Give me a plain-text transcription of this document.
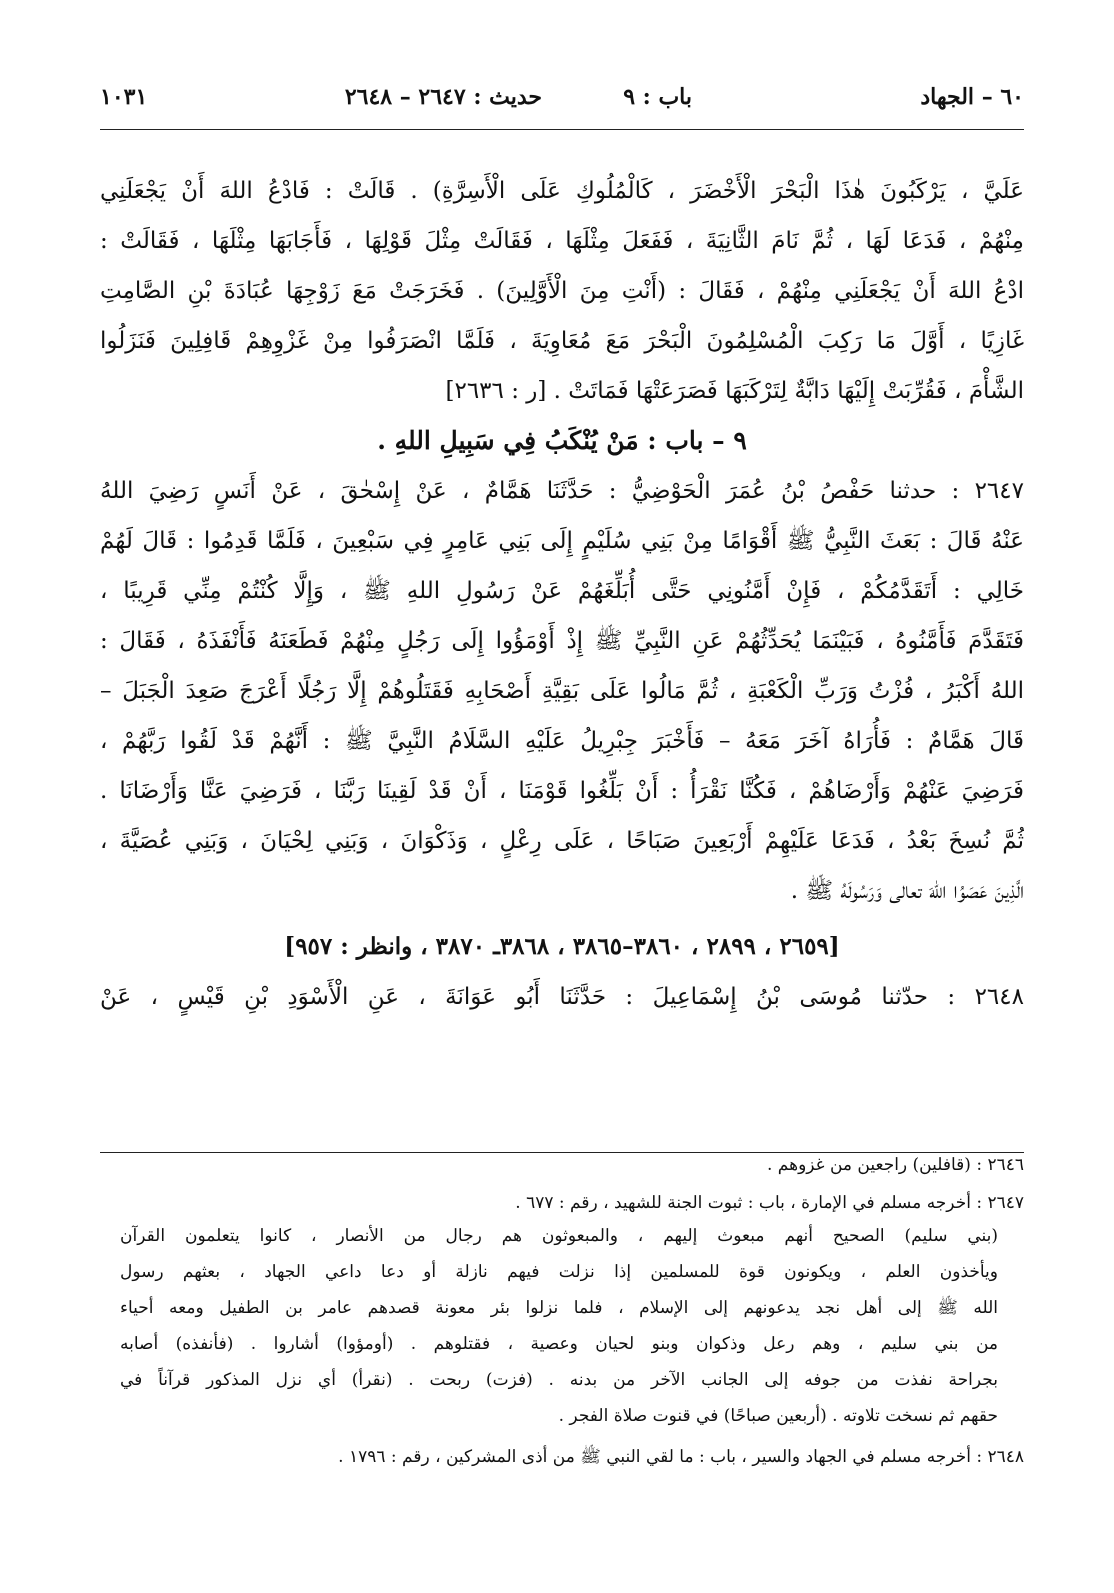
٦٠ – الجهاد
باب : ٩
حديث : ٢٦٤٧ – ٢٦٤٨
١٠٣١
عَلَيَّ ، يَرْكَبُونَ هٰذَا الْبَحْرَ الْأَخْضَرَ ، كَالْمُلُوكِ عَلَى الْأَسِرَّةِ) . قَالَتْ : فَادْعُ اللهَ أَنْ يَجْعَلَنِي
مِنْهُمْ ، فَدَعَا لَهَا ، ثُمَّ نَامَ الثَّانِيَةَ ، فَفَعَلَ مِثْلَهَا ، فَقَالَتْ مِثْلَ قَوْلِهَا ، فَأَجَابَهَا مِثْلَهَا ، فَقَالَتْ :
ادْعُ اللهَ أَنْ يَجْعَلَنِي مِنْهُمْ ، فَقَالَ : (أَنْتِ مِنَ الْأَوَّلِينَ) . فَخَرَجَتْ مَعَ زَوْجِهَا عُبَادَةَ بْنِ الصَّامِتِ
غَازِيًا ، أَوَّلَ مَا رَكِبَ الْمُسْلِمُونَ الْبَحْرَ مَعَ مُعَاوِيَةَ ، فَلَمَّا انْصَرَفُوا مِنْ غَزْوِهِمْ قَافِلِينَ فَنَزَلُوا
الشَّأْمَ ، فَقُرِّبَتْ إِلَيْهَا دَابَّةٌ لِتَرْكَبَهَا فَصَرَعَتْهَا فَمَاتَتْ . [ر : ٢٦٣٦]
٩ – باب : مَنْ يُنْكَبُ فِي سَبِيلِ اللهِ .
٢٦٤٧ : حدثنا حَفْصُ بْنُ عُمَرَ الْحَوْضِيُّ : حَدَّثَنَا هَمَّامٌ ، عَنْ إِسْحٰقَ ، عَنْ أَنَسٍ رَضِيَ اللهُ
عَنْهُ قَالَ : بَعَثَ النَّبِيُّ ﷺ أَقْوَامًا مِنْ بَنِي سُلَيْمٍ إِلَى بَنِي عَامِرٍ فِي سَبْعِينَ ، فَلَمَّا قَدِمُوا : قَالَ لَهُمْ
خَالِي : أَتَقَدَّمُكُمْ ، فَإِنْ أَمَّنُونِي حَتَّى أُبَلِّغَهُمْ عَنْ رَسُولِ اللهِ ﷺ ، وَإِلَّا كُنْتُمْ مِنِّي قَرِيبًا ،
فَتَقَدَّمَ فَأَمَّنُوهُ ، فَبَيْنَمَا يُحَدِّثُهُمْ عَنِ النَّبِيِّ ﷺ إِذْ أَوْمَؤُوا إِلَى رَجُلٍ مِنْهُمْ فَطَعَنَهُ فَأَنْفَذَهُ ، فَقَالَ :
اللهُ أَكْبَرُ ، فُزْتُ وَرَبِّ الْكَعْبَةِ ، ثُمَّ مَالُوا عَلَى بَقِيَّةِ أَصْحَابِهِ فَقَتَلُوهُمْ إِلَّا رَجُلًا أَعْرَجَ صَعِدَ الْجَبَلَ –
قَالَ هَمَّامٌ : فَأُرَاهُ آخَرَ مَعَهُ – فَأَخْبَرَ جِبْرِيلُ عَلَيْهِ السَّلَامُ النَّبِيَّ ﷺ : أَنَّهُمْ قَدْ لَقُوا رَبَّهُمْ ،
فَرَضِيَ عَنْهُمْ وَأَرْضَاهُمْ ، فَكُنَّا نَقْرَأُ : أَنْ بَلِّغُوا قَوْمَنَا ، أَنْ قَدْ لَقِينَا رَبَّنَا ، فَرَضِيَ عَنَّا وَأَرْضَانَا .
ثُمَّ نُسِخَ بَعْدُ ، فَدَعَا عَلَيْهِمْ أَرْبَعِينَ صَبَاحًا ، عَلَى رِعْلٍ ، وَذَكْوَانَ ، وَبَنِي لِحْيَانَ ، وَبَنِي عُصَيَّةَ ،
الَّذِينَ عَصَوُا اللهَ تعالى وَرَسُولَهُ ﷺ .
[٢٦٥٩ ، ٢٨٩٩ ، ٣٨٦٠–٣٨٦٥ ، ٣٨٦٨ـ ٣٨٧٠ ، وانظر : ٩٥٧]
٢٦٤٨ : حدّثنا مُوسَى بْنُ إِسْمَاعِيلَ : حَدَّثَنَا أَبُو عَوَانَةَ ، عَنِ الْأَسْوَدِ بْنِ قَيْسٍ ، عَنْ
٢٦٤٦ : (قافلين) راجعين من غزوهم .
٢٦٤٧ : أخرجه مسلم في الإمارة ، باب : ثبوت الجنة للشهيد ، رقم : ٦٧٧ .
(بني سليم) الصحيح أنهم مبعوث إليهم ، والمبعوثون هم رجال من الأنصار ، كانوا يتعلمون القرآن
ويأخذون العلم ، ويكونون قوة للمسلمين إذا نزلت فيهم نازلة أو دعا داعي الجهاد ، بعثهم رسول
الله ﷺ إلى أهل نجد يدعونهم إلى الإسلام ، فلما نزلوا بئر معونة قصدهم عامر بن الطفيل ومعه أحياء
من بني سليم ، وهم رعل وذكوان وبنو لحيان وعصية ، فقتلوهم . (أومؤوا) أشاروا . (فأنفذه) أصابه
بجراحة نفذت من جوفه إلى الجانب الآخر من بدنه . (فزت) ربحت . (نقرأ) أي نزل المذكور قرآناً في
حقهم ثم نسخت تلاوته . (أربعين صباحًا) في قنوت صلاة الفجر .
٢٦٤٨ : أخرجه مسلم في الجهاد والسير ، باب : ما لقي النبي ﷺ من أذى المشركين ، رقم : ١٧٩٦ .
